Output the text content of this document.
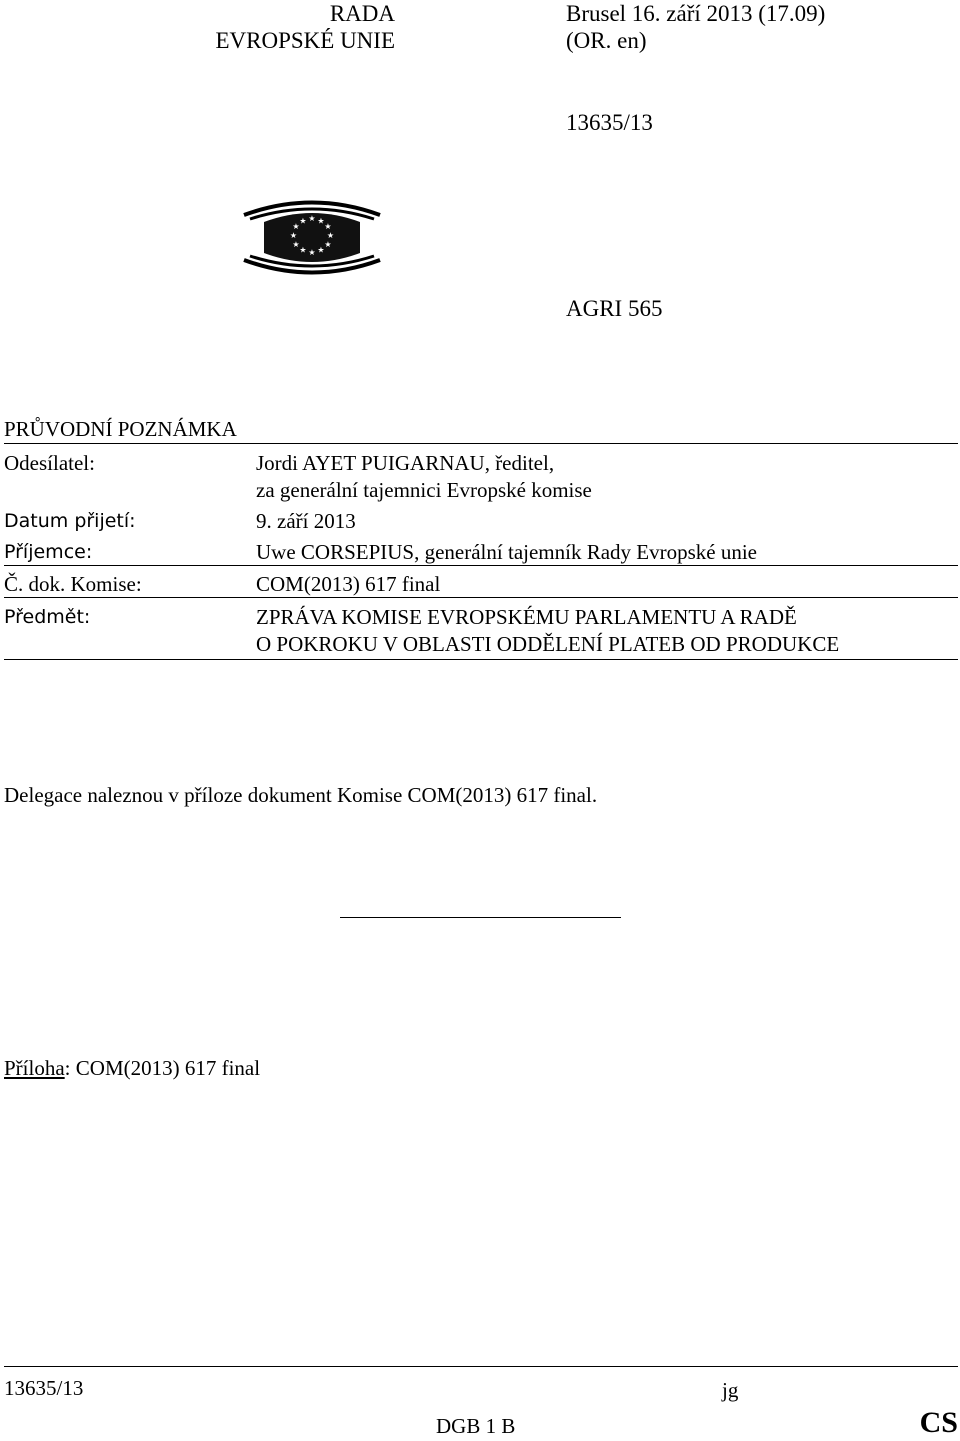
RADA
EVROPSKÉ UNIE
Brusel 16. září 2013 (17.09)
(OR. en)
13635/13
★ ★
★
★
★
★
★
★
★
★
★
★
AGRI 565
PRŮVODNÍ POZNÁMKA
Odesílatel:	Jordi AYET PUIGARNAU, ředitel,
za generální tajemnici Evropské komise
Datum přijetí:	9. září 2013
Příjemce:	Uwe CORSEPIUS, generální tajemník Rady Evropské unie
Č. dok. Komise:	COM(2013) 617 final
Předmět:	ZPRÁVA KOMISE EVROPSKÉMU PARLAMENTU A RADĚ
O POKROKU V OBLASTI ODDĚLENÍ PLATEB OD PRODUKCE
Delegace naleznou v příloze dokument Komise COM(2013) 617 final.
Příloha: COM(2013) 617 final
13635/13	jg
DGB 1 B	CS
